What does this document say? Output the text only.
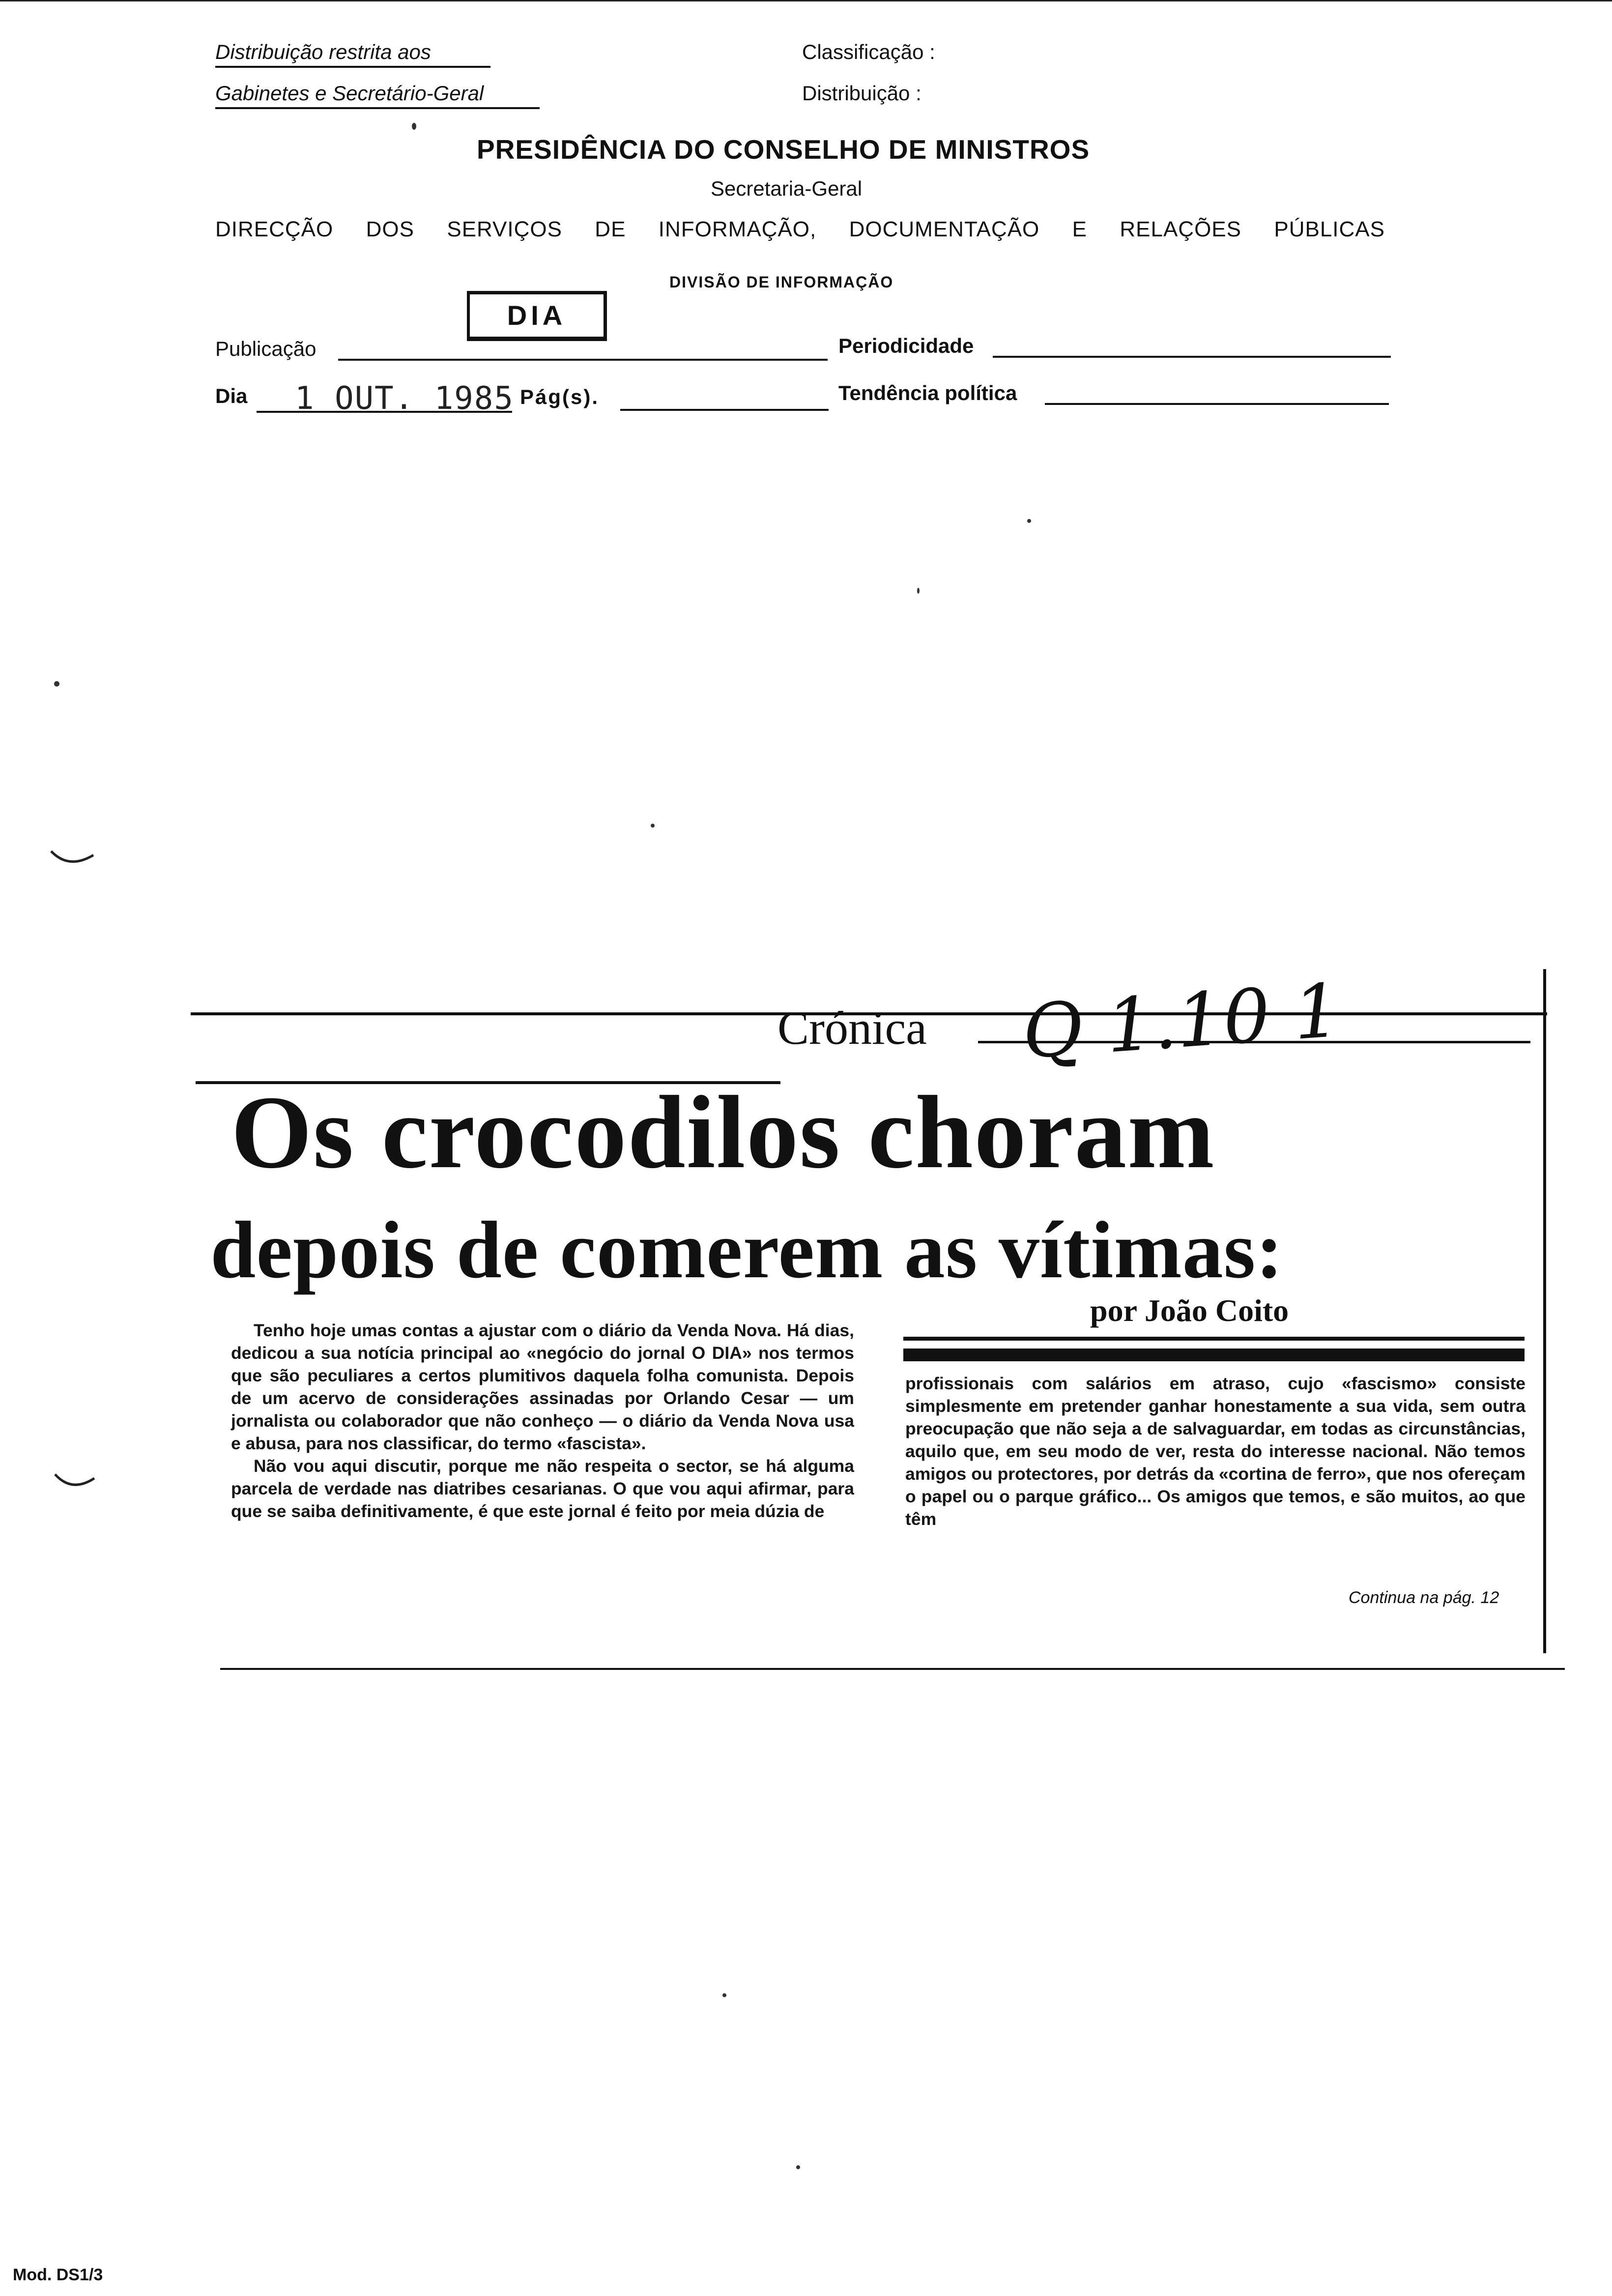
Distribuição restrita aos
Gabinetes e Secretário-Geral
Classificação :
Distribuição :
PRESIDÊNCIA DO CONSELHO DE MINISTROS
Secretaria-Geral
DIRECÇÃO DOS SERVIÇOS DE INFORMAÇÃO, DOCUMENTAÇÃO E RELAÇÕES PÚBLICAS
DIVISÃO DE INFORMAÇÃO
DIA
Publicação	Periodicidade
Dia 1 OUT. 1985 Pág(s).	Tendência política
Crónica Q 1.10 1
Os crocodilos choram
depois de comerem as vítimas:
por João Coito

Tenho hoje umas contas a ajustar com o diário da Venda Nova. Há dias, dedicou a sua notícia principal ao «negócio do jornal O DIA» nos termos que são peculiares a certos plumitivos daquela folha comunista. Depois de um acervo de considerações assinadas por Orlando Cesar — um jornalista ou colaborador que não conheço — o diário da Venda Nova usa e abusa, para nos classificar, do termo «fascista».

Não vou aqui discutir, porque me não respeita o sector, se há alguma parcela de verdade nas diatribes cesarianas. O que vou aqui afirmar, para que se saiba definitivamente, é que este jornal é feito por meia dúzia de

profissionais com salários em atraso, cujo «fascismo» consiste simplesmente em pretender ganhar honestamente a sua vida, sem outra preocupação que não seja a de salvaguardar, em todas as circunstâncias, aquilo que, em seu modo de ver, resta do interesse nacional. Não temos amigos ou protectores, por detrás da «cortina de ferro», que nos ofereçam o papel ou o parque gráfico... Os amigos que temos, e são muitos, ao que têm

Continua na pág. 12
Mod. DS1/3
